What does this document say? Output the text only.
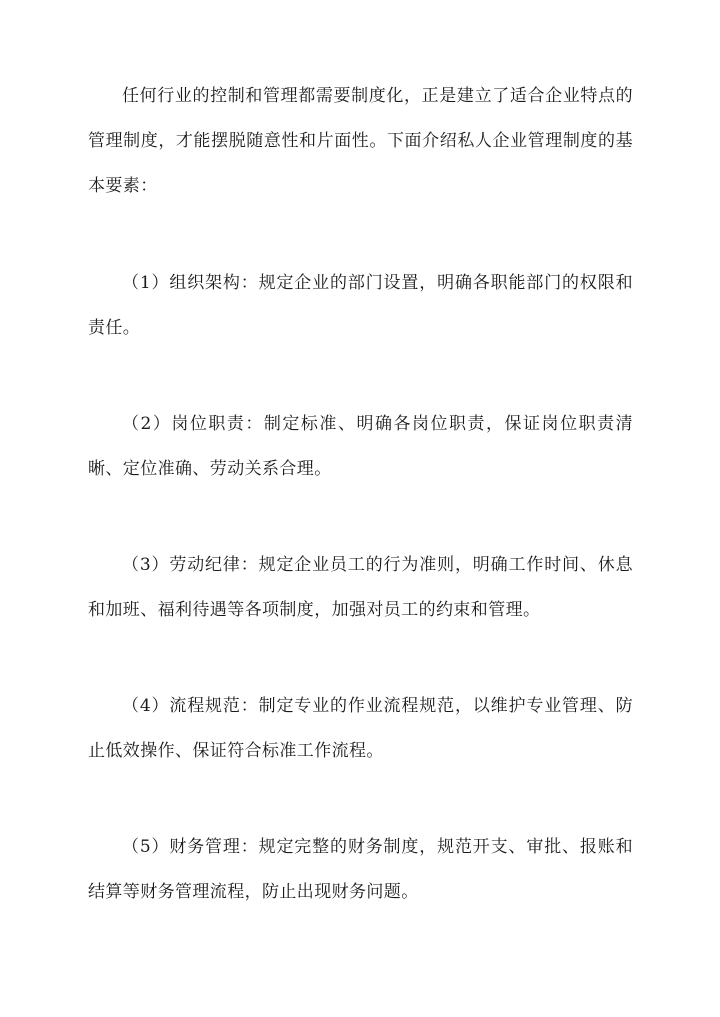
任何行业的控制和管理都需要制度化，正是建立了适合企业特点的管理制度，才能摆脱随意性和片面性。下面介绍私人企业管理制度的基本要素：

（1）组织架构：规定企业的部门设置，明确各职能部门的权限和责任。

（2）岗位职责：制定标准、明确各岗位职责，保证岗位职责清晰、定位准确、劳动关系合理。

（3）劳动纪律：规定企业员工的行为准则，明确工作时间、休息和加班、福利待遇等各项制度，加强对员工的约束和管理。

（4）流程规范：制定专业的作业流程规范，以维护专业管理、防止低效操作、保证符合标准工作流程。

（5）财务管理：规定完整的财务制度，规范开支、审批、报账和结算等财务管理流程，防止出现财务问题。
